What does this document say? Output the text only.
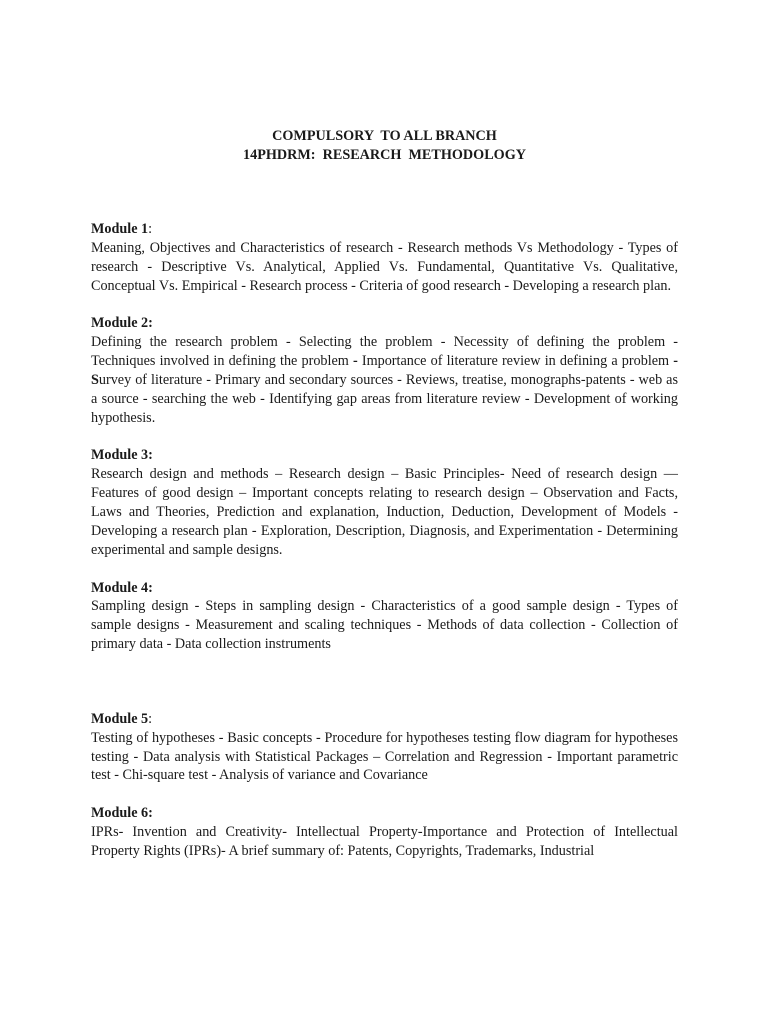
COMPULSORY  TO ALL BRANCH
14PHDRM:  RESEARCH  METHODOLOGY
Module 1:

Meaning, Objectives and Characteristics of research - Research methods Vs Methodology - Types of research - Descriptive Vs. Analytical, Applied Vs. Fundamental, Quantitative Vs. Qualitative, Conceptual Vs. Empirical - Research process - Criteria of good research - Developing a research plan.

Module 2:

Defining the research problem - Selecting the problem - Necessity of defining the problem - Techniques involved in defining the problem - Importance of literature review in defining a problem - Survey of literature - Primary and secondary sources - Reviews, treatise, monographs-patents - web as a source - searching the web - Identifying gap areas from literature review - Development of working hypothesis.

Module 3:

Research design and methods – Research design – Basic Principles- Need of research design — Features of good design – Important concepts relating to research design – Observation and Facts, Laws and Theories, Prediction and explanation, Induction, Deduction, Development of Models - Developing a research plan - Exploration, Description, Diagnosis, and Experimentation - Determining experimental and sample designs.

Module 4:

Sampling design - Steps in sampling design - Characteristics of a good sample design - Types of sample designs - Measurement and scaling techniques - Methods of data collection - Collection of primary data - Data collection instruments

Module 5:

Testing of hypotheses - Basic concepts - Procedure for hypotheses testing flow diagram for hypotheses testing - Data analysis with Statistical Packages – Correlation and Regression - Important parametric test - Chi-square test - Analysis of variance and Covariance

Module 6:

IPRs- Invention and Creativity- Intellectual Property-Importance and Protection of Intellectual Property Rights (IPRs)- A brief summary of: Patents, Copyrights, Trademarks, Industrial
